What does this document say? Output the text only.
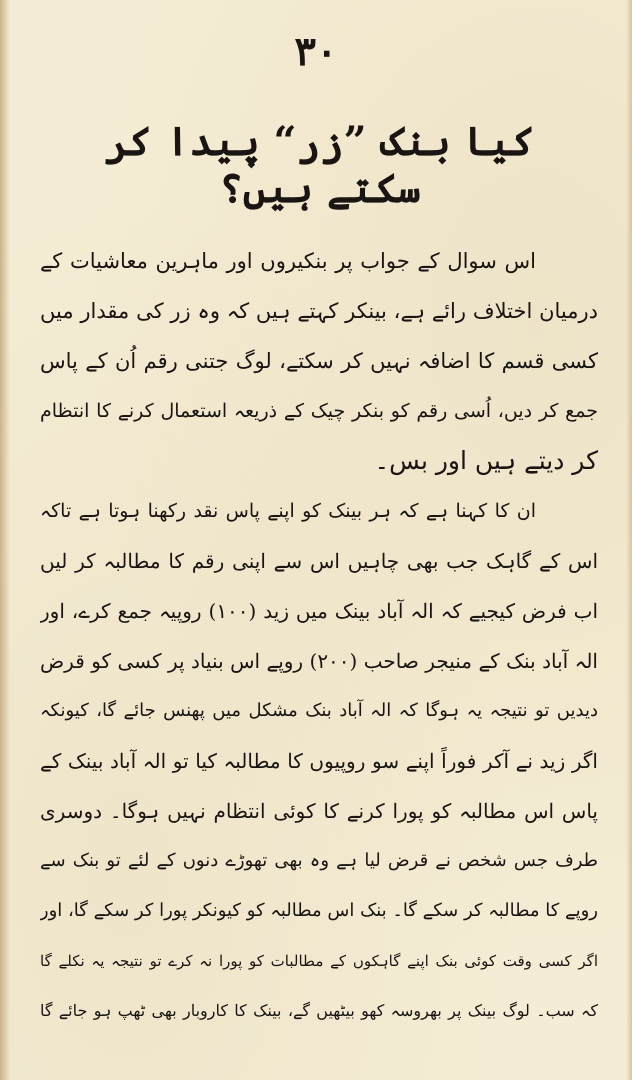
۳۰
کیا بنک ”زر“ پیدا کر سکتے ہیں؟
اس سوال کے جواب پر بنکیروں اور ماہرین معاشیات کے
درمیان اختلاف رائے ہے، بینکر کہتے ہیں کہ وہ زر کی مقدار میں
کسی قسم کا اضافہ نہیں کر سکتے، لوگ جتنی رقم اُن کے پاس
جمع کر دیں، اُسی رقم کو بنکر چیک کے ذریعہ استعمال کرنے کا انتظام
کر دیتے ہیں اور بس۔
ان کا کہنا ہے کہ ہر بینک کو اپنے پاس نقد رکھنا ہوتا ہے تاکہ
اس کے گاہک جب بھی چاہیں اس سے اپنی رقم کا مطالبہ کر لیں
اب فرض کیجیے کہ الہ آباد بینک میں زید (۱۰۰) روپیہ جمع کرے، اور
الہ آباد بنک کے منیجر صاحب (۲۰۰) روپے اس بنیاد پر کسی کو قرض
دیدیں تو نتیجہ یہ ہوگا کہ الہ آباد بنک مشکل میں پھنس جائے گا، کیونکہ
اگر زید نے آکر فوراً اپنے سو روپیوں کا مطالبہ کیا تو الہ آباد بینک کے
پاس اس مطالبہ کو پورا کرنے کا کوئی انتظام نہیں ہوگا۔ دوسری
طرف جس شخص نے قرض لیا ہے وہ بھی تھوڑے دنوں کے لئے تو بنک سے
روپے کا مطالبہ کر سکے گا۔ بنک اس مطالبہ کو کیونکر پورا کر سکے گا، اور
اگر کسی وقت کوئی بنک اپنے گاہکوں کے مطالبات کو پورا نہ کرے تو نتیجہ یہ نکلے گا
کہ سب۔ لوگ بینک پر بھروسہ کھو بیٹھیں گے، بینک کا کاروبار بھی ٹھپ ہو جائے گا
